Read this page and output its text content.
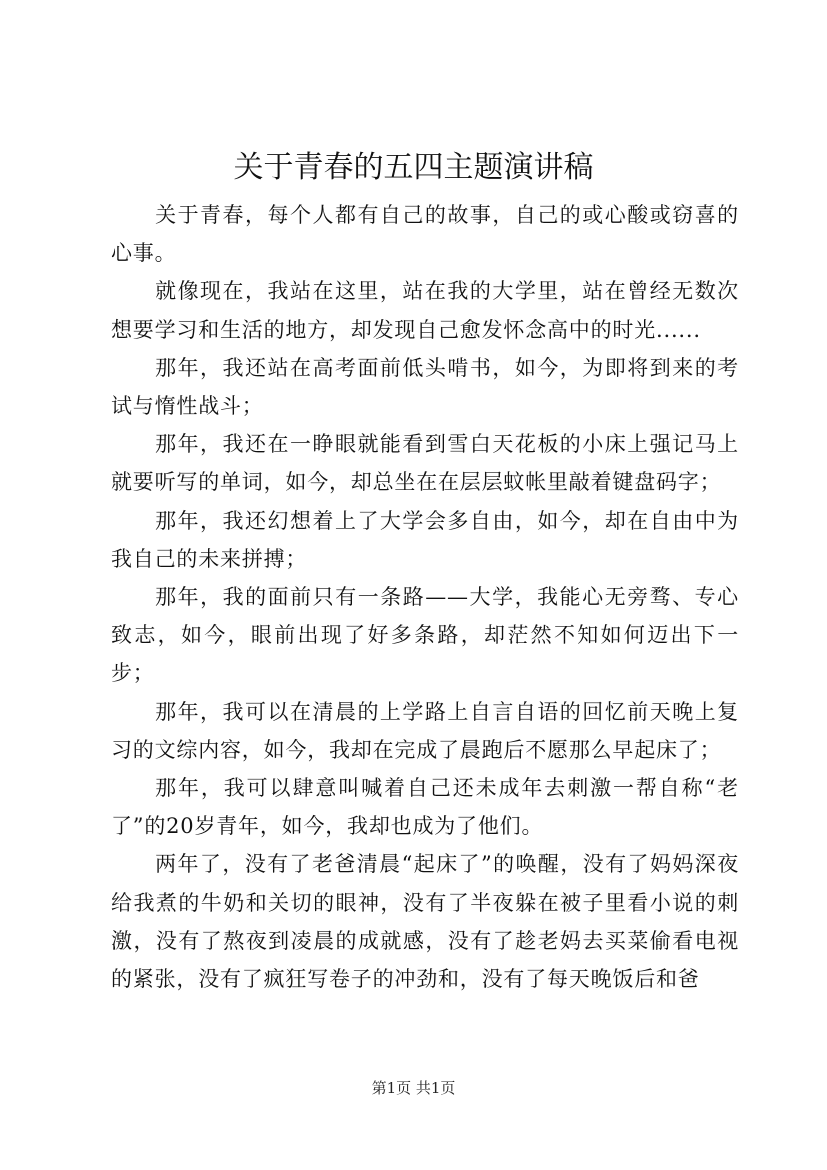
关于青春的五四主题演讲稿

关于青春，每个人都有自己的故事，自己的或心酸或窃喜的心事。

就像现在，我站在这里，站在我的大学里，站在曾经无数次想要学习和生活的地方，却发现自己愈发怀念高中的时光......

那年，我还站在高考面前低头啃书，如今，为即将到来的考试与惰性战斗；

那年，我还在一睁眼就能看到雪白天花板的小床上强记马上就要听写的单词，如今，却总坐在在层层蚊帐里敲着键盘码字；

那年，我还幻想着上了大学会多自由，如今，却在自由中为我自己的未来拼搏；

那年，我的面前只有一条路——大学，我能心无旁骛、专心致志，如今，眼前出现了好多条路，却茫然不知如何迈出下一步；

那年，我可以在清晨的上学路上自言自语的回忆前天晚上复习的文综内容，如今，我却在完成了晨跑后不愿那么早起床了；

那年，我可以肆意叫喊着自己还未成年去刺激一帮自称“老了”的20岁青年，如今，我却也成为了他们。

两年了，没有了老爸清晨“起床了”的唤醒，没有了妈妈深夜给我煮的牛奶和关切的眼神，没有了半夜躲在被子里看小说的刺激，没有了熬夜到凌晨的成就感，没有了趁老妈去买菜偷看电视的紧张，没有了疯狂写卷子的冲劲和，没有了每天晚饭后和爸

第1页 共1页
